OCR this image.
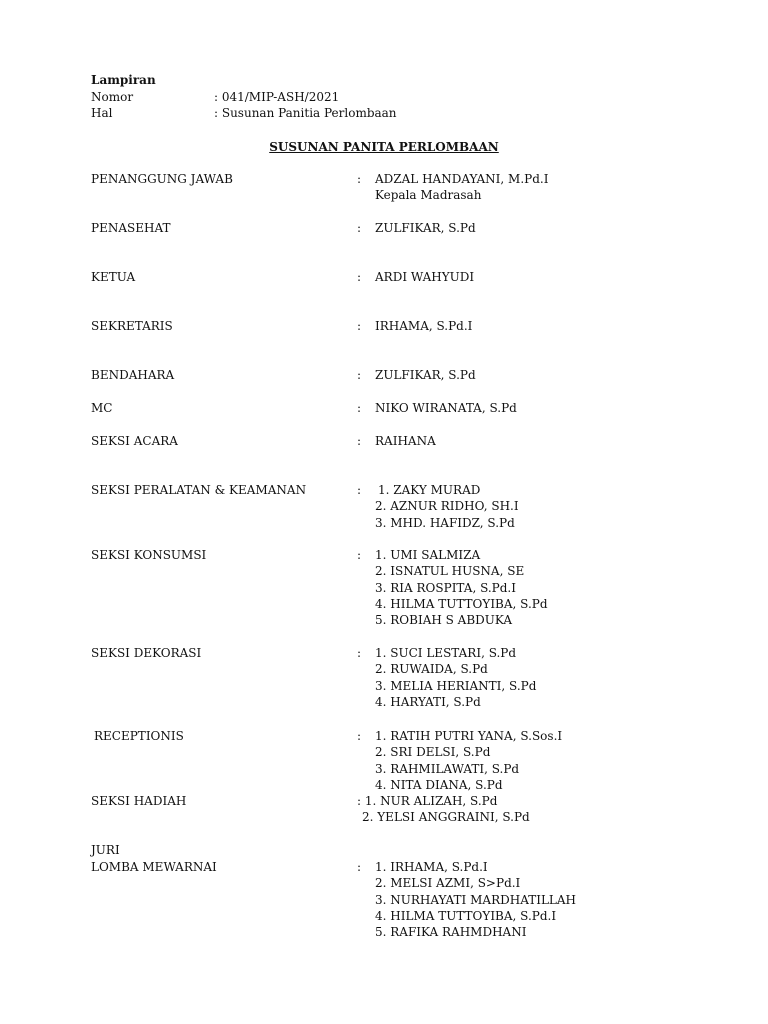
Lampiran
Nomor	: 041/MIP-ASH/2021
Hal	: Susunan Panitia Perlombaan
SUSUNAN PANITA PERLOMBAAN
PENANGGUNG JAWAB	: ADZAL HANDAYANI, M.Pd.I
Kepala Madrasah
PENASEHAT	: ZULFIKAR, S.Pd
KETUA	: ARDI WAHYUDI
SEKRETARIS	: IRHAMA, S.Pd.I
BENDAHARA	: ZULFIKAR, S.Pd
MC	: NIKO WIRANATA, S.Pd
SEKSI ACARA	: RAIHANA
SEKSI PERALATAN & KEAMANAN	: 1. ZAKY MURAD
2. AZNUR RIDHO, SH.I
3. MHD. HAFIDZ, S.Pd
SEKSI KONSUMSI	: 1. UMI SALMIZA
2. ISNATUL HUSNA, SE
3. RIA ROSPITA, S.Pd.I
4. HILMA TUTTOYIBA, S.Pd
5. ROBIAH S ABDUKA
SEKSI DEKORASI	: 1. SUCI LESTARI, S.Pd
2. RUWAIDA, S.Pd
3. MELIA HERIANTI, S.Pd
4. HARYATI, S.Pd
RECEPTIONIS	: 1. RATIH PUTRI YANA, S.Sos.I
2. SRI DELSI, S.Pd
3. RAHMILAWATI, S.Pd
4. NITA DIANA, S.Pd
SEKSI HADIAH	: 1. NUR ALIZAH, S.Pd
2. YELSI ANGGRAINI, S.Pd
JURI
LOMBA MEWARNAI	: 1. IRHAMA, S.Pd.I
2. MELSI AZMI, S>Pd.I
3. NURHAYATI MARDHATILLAH
4. HILMA TUTTOYIBA, S.Pd.I
5. RAFIKA RAHMDHANI
